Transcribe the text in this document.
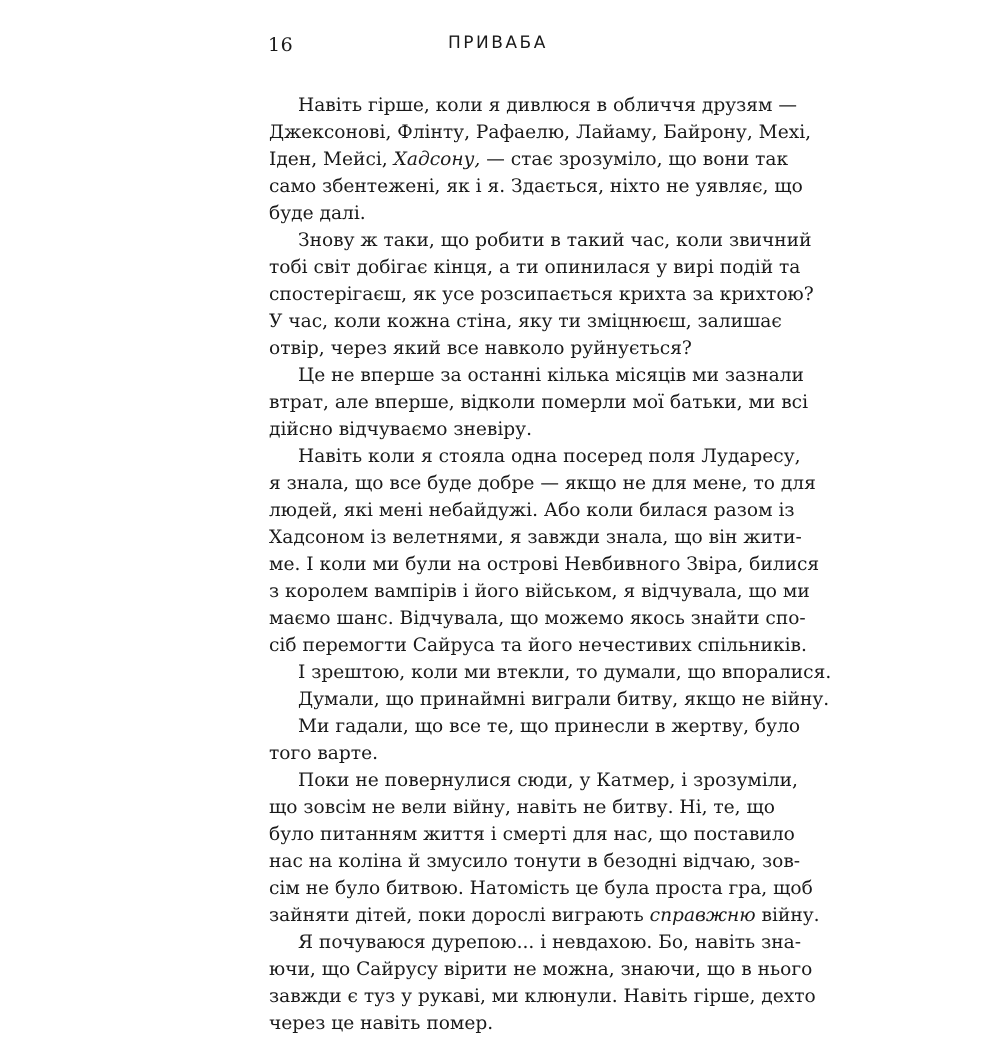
16	ПРИВАБА
Навіть гірше, коли я дивлюся в обличчя друзям —
Джексонові, Флінту, Рафаелю, Лайаму, Байрону, Мехі,
Іден, Мейсі, Хадсону, — стає зрозуміло, що вони так
само збентежені, як і я. Здається, ніхто не уявляє, що
буде далі.
Знову ж таки, що робити в такий час, коли звичний
тобі світ добігає кінця, а ти опинилася у вирі подій та
спостерігаєш, як усе розсипається крихта за крихтою?
У час, коли кожна стіна, яку ти зміцнюєш, залишає
отвір, через який все навколо руйнується?
Це не вперше за останні кілька місяців ми зазнали
втрат, але вперше, відколи померли мої батьки, ми всі
дійсно відчуваємо зневіру.
Навіть коли я стояла одна посеред поля Лударесу,
я знала, що все буде добре — якщо не для мене, то для
людей, які мені небайдужі. Або коли билася разом із
Хадсоном із велетнями, я завжди знала, що він жити-
ме. І коли ми були на острові Невбивного Звіра, билися
з королем вампірів і його військом, я відчувала, що ми
маємо шанс. Відчувала, що можемо якось знайти спо-
сіб перемогти Сайруса та його нечестивих спільників.
І зрештою, коли ми втекли, то думали, що впоралися.
Думали, що принаймні виграли битву, якщо не війну.
Ми гадали, що все те, що принесли в жертву, було
того варте.
Поки не повернулися сюди, у Катмер, і зрозуміли,
що зовсім не вели війну, навіть не битву. Ні, те, що
було питанням життя і смерті для нас, що поставило
нас на коліна й змусило тонути в безодні відчаю, зов-
сім не було битвою. Натомість це була проста гра, щоб
зайняти дітей, поки дорослі виграють справжню війну.
Я почуваюся дурепою... і невдахою. Бо, навіть зна-
ючи, що Сайрусу вірити не можна, знаючи, що в нього
завжди є туз у рукаві, ми клюнули. Навіть гірше, дехто
через це навіть помер.
